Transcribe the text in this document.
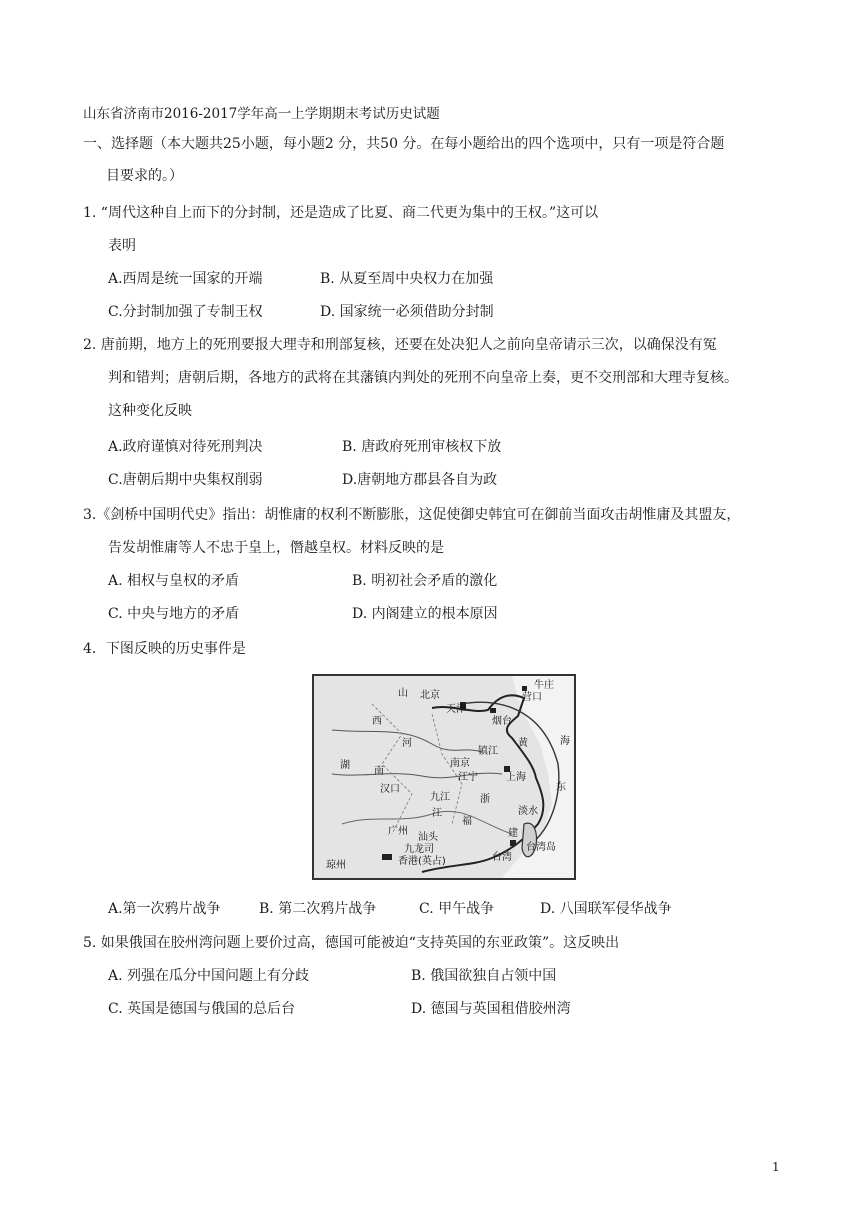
山东省济南市2016-2017学年高一上学期期末考试历史试题
一、选择题（本大题共25小题，每小题2 分，共50 分。在每小题给出的四个选项中，只有一项是符合题
目要求的。）
1. “周代这种自上而下的分封制，还是造成了比夏、商二代更为集中的王权。”这可以
表明
A.西周是统一国家的开端	B. 从夏至周中央权力在加强
C.分封制加强了专制王权	D. 国家统一必须借助分封制
2. 唐前期，地方上的死刑要报大理寺和刑部复核，还要在处决犯人之前向皇帝请示三次，以确保没有冤
判和错判；唐朝后期，各地方的武将在其藩镇内判处的死刑不向皇帝上奏，更不交刑部和大理寺复核。
这种变化反映
A.政府谨慎对待死刑判决	B. 唐政府死刑审核权下放
C.唐朝后期中央集权削弱	D.唐朝地方郡县各自为政
3.《剑桥中国明代史》指出：胡惟庸的权利不断膨胀，这促使御史韩宜可在御前当面攻击胡惟庸及其盟友，
告发胡惟庸等人不忠于皇上，僭越皇权。材料反映的是
A. 相权与皇权的矛盾	B. 明初社会矛盾的激化
C. 中央与地方的矛盾	D. 内阁建立的根本原因
4．下图反映的历史事件是
北京
牛庄
营口
天津
烟台
山
西
河
南
黄	海
湖
镇江
南京
江宁	上海
汉口
九江
江
浙
东
广州
汕头
福
建
淡水
九龙司
香港(英占)	台湾
台湾岛
琼州
A.第一次鸦片战争	B. 第二次鸦片战争	C. 甲午战争	D. 八国联军侵华战争
5. 如果俄国在胶州湾问题上要价过高，德国可能被迫“支持英国的东亚政策”。这反映出
A. 列强在瓜分中国问题上有分歧	B. 俄国欲独自占领中国
C. 英国是德国与俄国的总后台	D. 德国与英国租借胶州湾
1
